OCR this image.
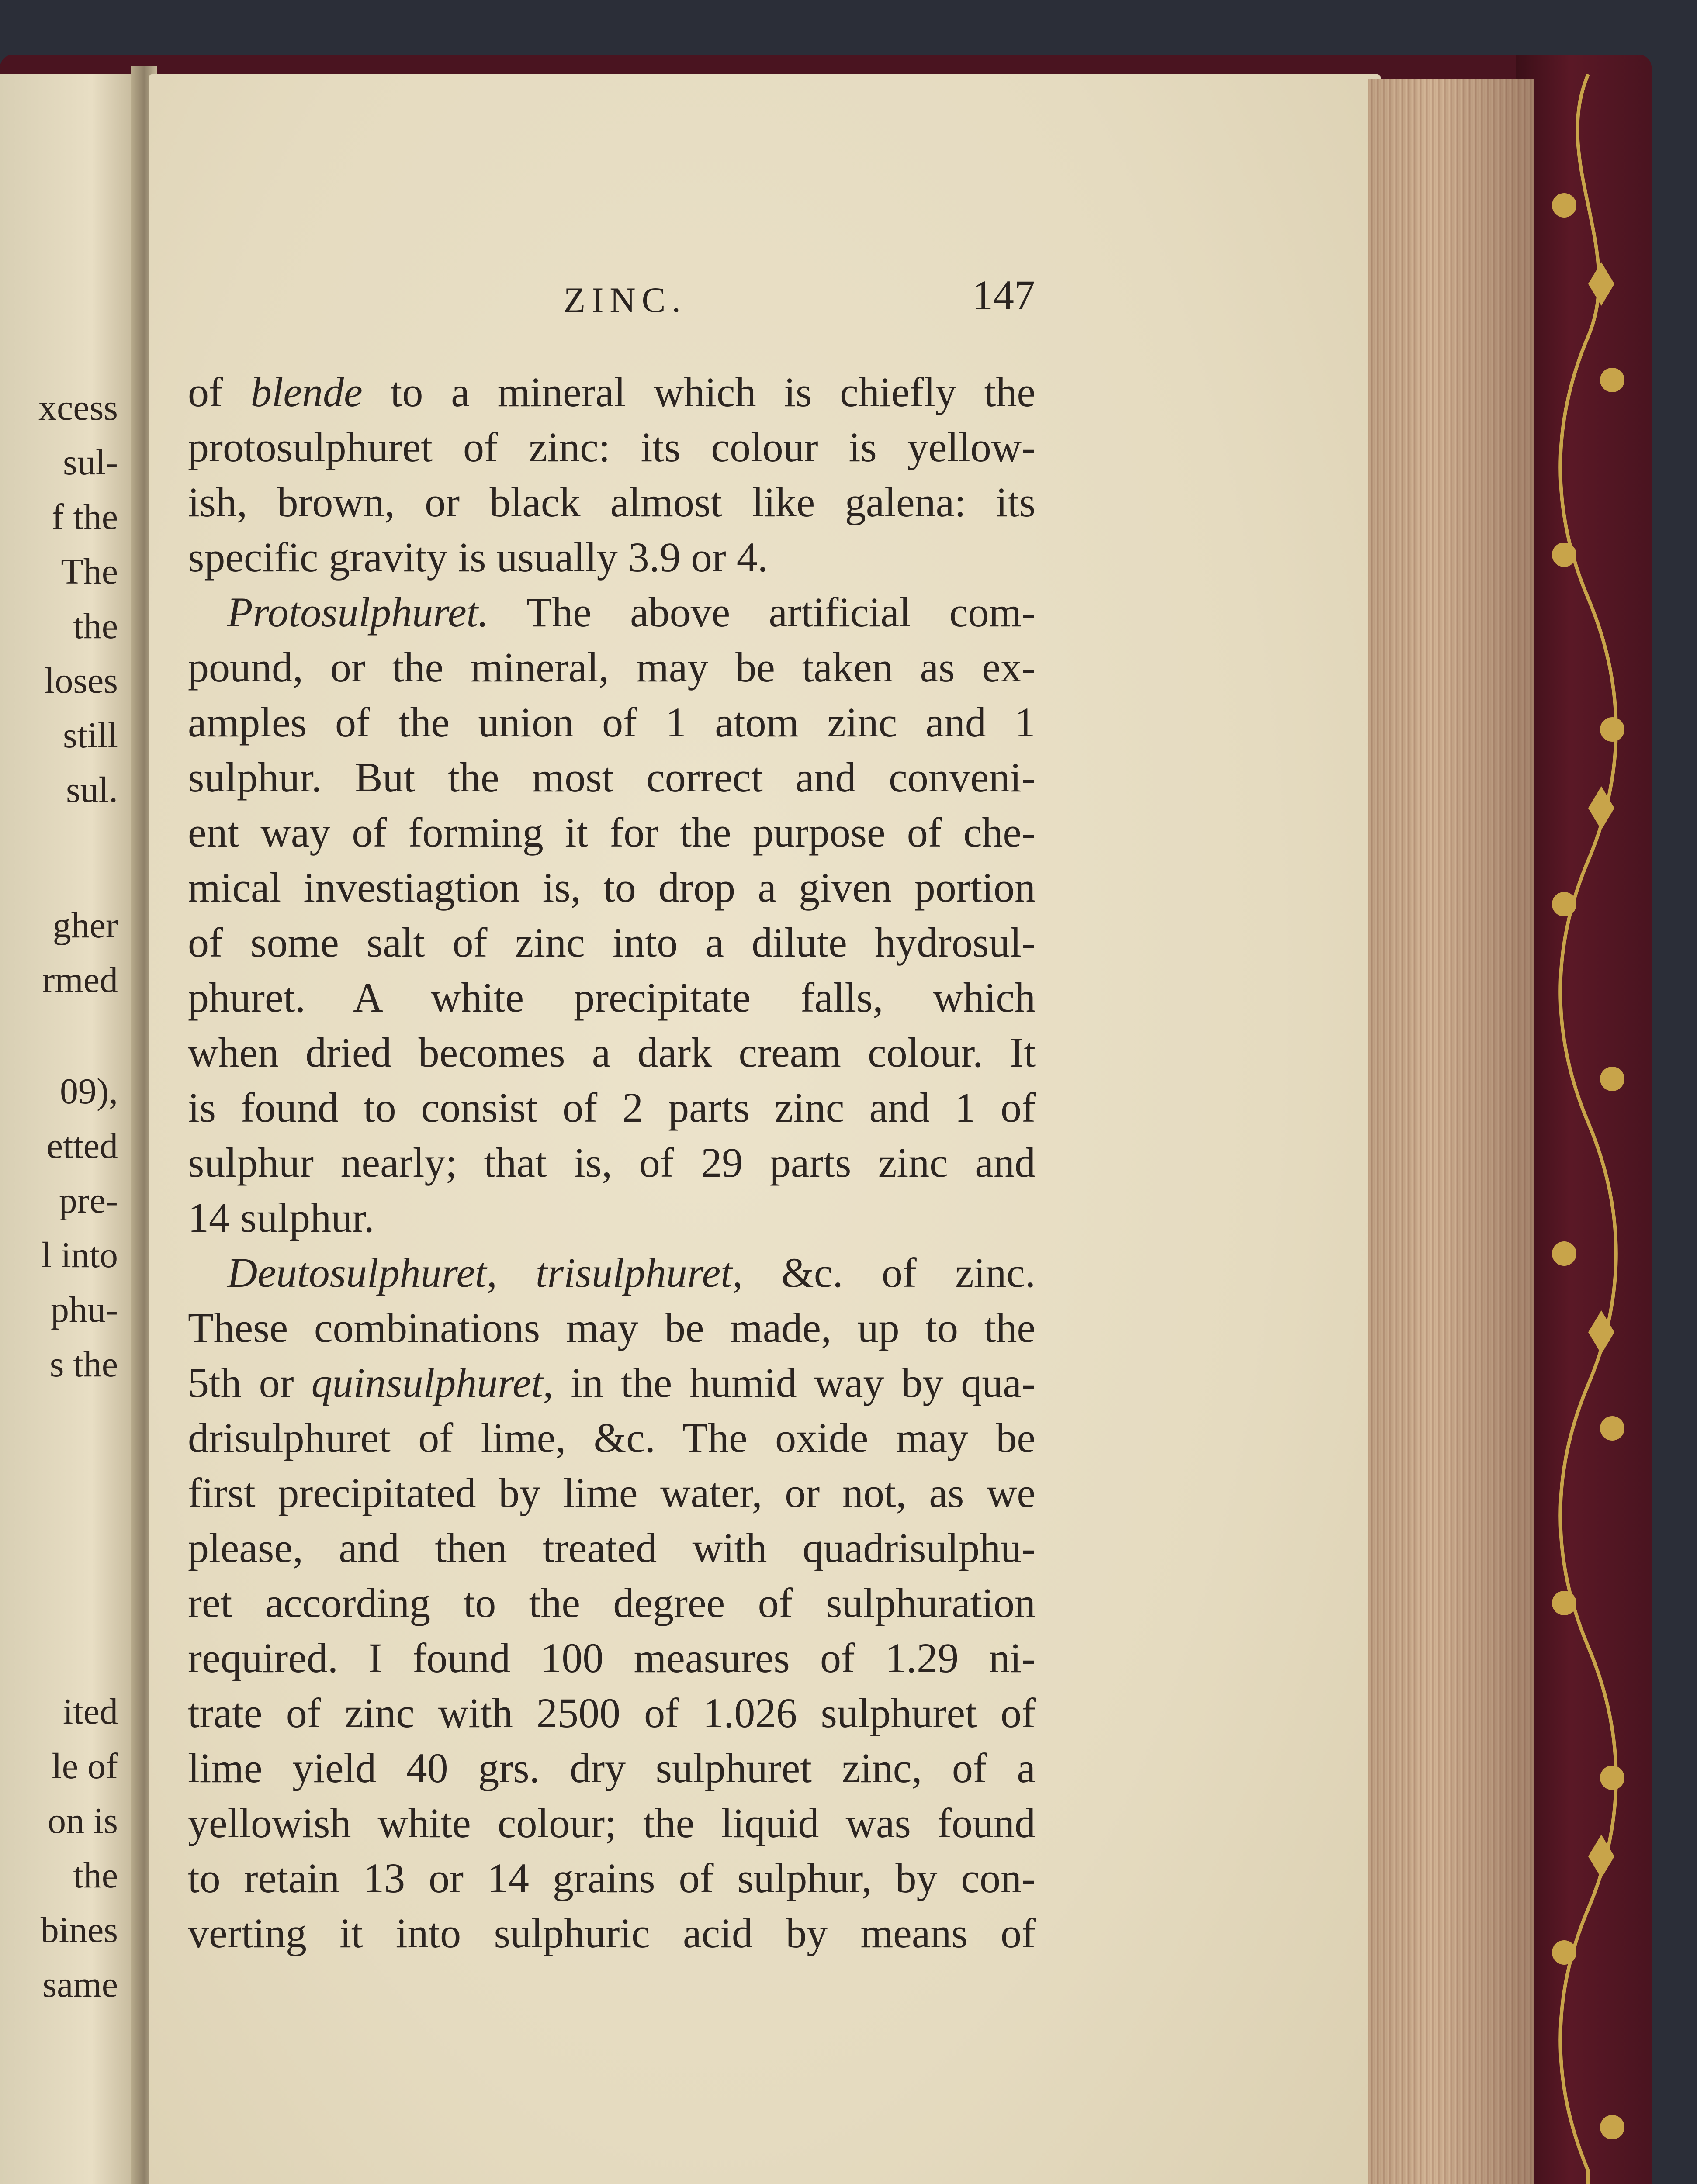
xcess
sul-
f the
The
the
loses
still
sul.
gher
rmed
09),
etted
pre-
l into
phu-
s the
ited
le of
on is
the
bines
same
ZINC.	147
of blende to a mineral which is chiefly the
protosulphuret of zinc: its colour is yellow-
ish, brown, or black almost like galena: its
specific gravity is usually 3.9 or 4.
Protosulphuret. The above artificial com-
pound, or the mineral, may be taken as ex-
amples of the union of 1 atom zinc and 1
sulphur. But the most correct and conveni-
ent way of forming it for the purpose of che-
mical investiagtion is, to drop a given portion
of some salt of zinc into a dilute hydrosul-
phuret. A white precipitate falls, which
when dried becomes a dark cream colour. It
is found to consist of 2 parts zinc and 1 of
sulphur nearly; that is, of 29 parts zinc and
14 sulphur.
Deutosulphuret, trisulphuret, &c. of zinc.
These combinations may be made, up to the
5th or quinsulphuret, in the humid way by qua-
drisulphuret of lime, &c. The oxide may be
first precipitated by lime water, or not, as we
please, and then treated with quadrisulphu-
ret according to the degree of sulphuration
required. I found 100 measures of 1.29 ni-
trate of zinc with 2500 of 1.026 sulphuret of
lime yield 40 grs. dry sulphuret zinc, of a
yellowish white colour; the liquid was found
to retain 13 or 14 grains of sulphur, by con-
verting it into sulphuric acid by means of
